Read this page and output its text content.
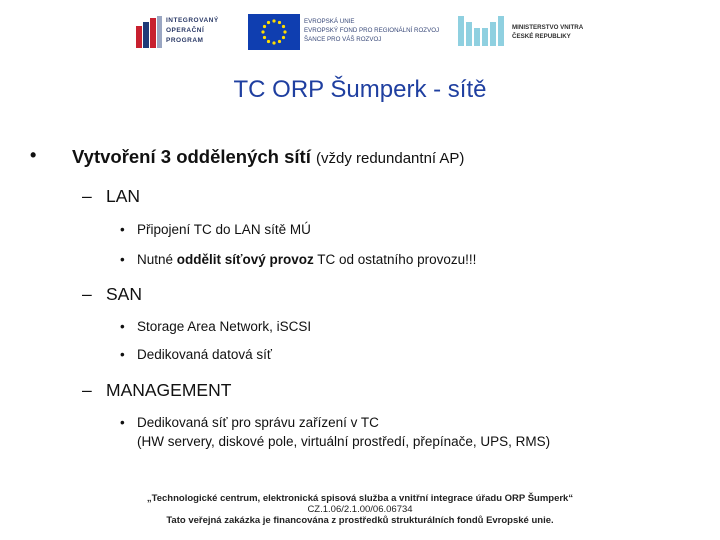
INTEGROVANÝ
OPERAČNÍ
PROGRAM
EVROPSKÁ UNIE
EVROPSKÝ FOND PRO REGIONÁLNÍ ROZVOJ
ŠANCE PRO VÁŠ ROZVOJ
MINISTERSTVO VNITRA
ČESKÉ REPUBLIKY
TC ORP Šumperk - sítě
• Vytvoření 3 oddělených sítí (vždy redundantní AP)
– LAN
• Připojení TC do LAN sítě MÚ
• Nutné oddělit síťový provoz TC od ostatního provozu!!!
– SAN
• Storage Area Network, iSCSI
• Dedikovaná datová síť
– MANAGEMENT
• Dedikovaná síť pro správu zařízení v TC
(HW servery, diskové pole, virtuální prostředí, přepínače, UPS, RMS)
„Technologické centrum, elektronická spisová služba a vnitřní integrace úřadu ORP Šumperk“
CZ.1.06/2.1.00/06.06734
Tato veřejná zakázka je financována z prostředků strukturálních fondů Evropské unie.
